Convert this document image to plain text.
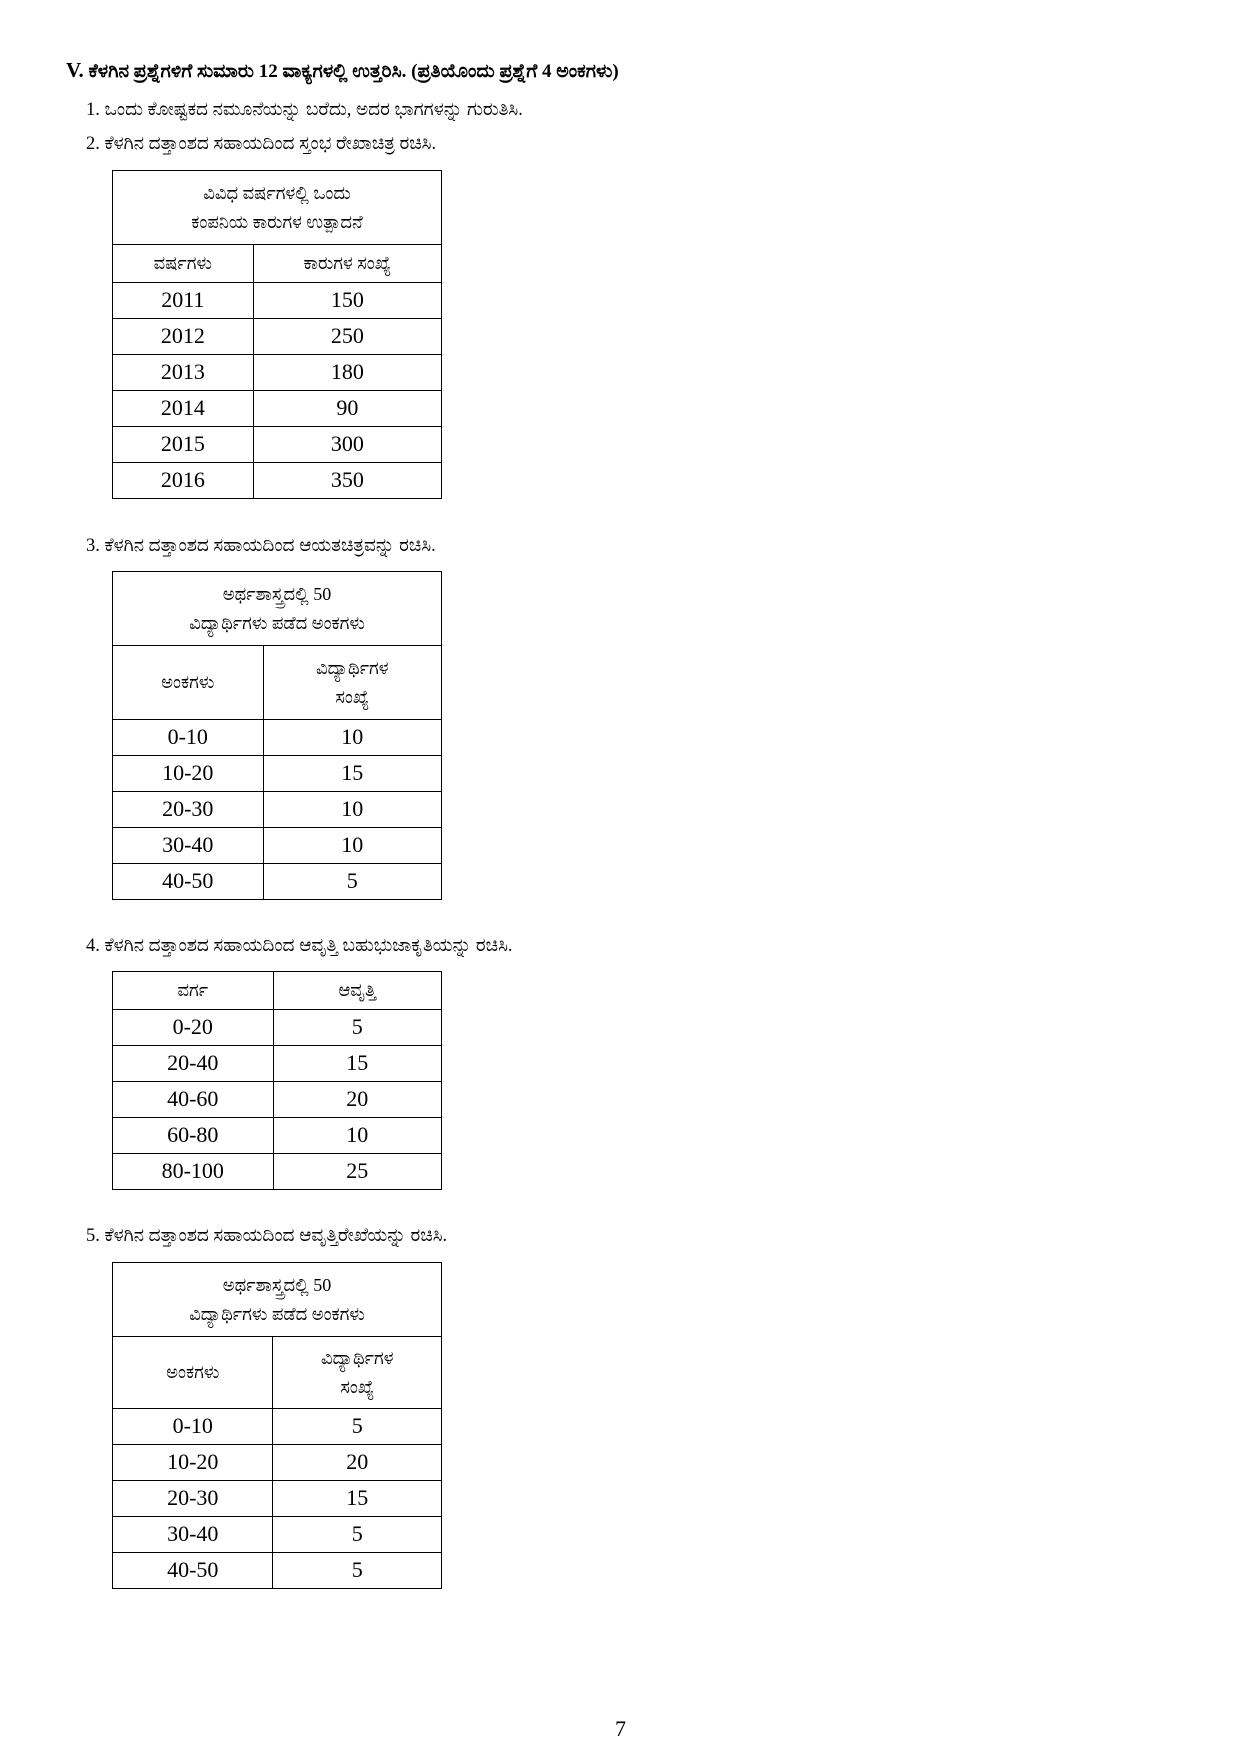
V. ಕೆಳಗಿನ ಪ್ರಶ್ನೆಗಳಿಗೆ ಸುಮಾರು 12 ವಾಕ್ಯಗಳಲ್ಲಿ ಉತ್ತರಿಸಿ. (ಪ್ರತಿಯೊಂದು ಪ್ರಶ್ನೆಗೆ 4 ಅಂಕಗಳು)
1. ಒಂದು ಕೋಷ್ಟಕದ ನಮೂನೆಯನ್ನು ಬರೆದು, ಅದರ ಭಾಗಗಳನ್ನು ಗುರುತಿಸಿ.
2. ಕೆಳಗಿನ ದತ್ತಾಂಶದ ಸಹಾಯದಿಂದ ಸ್ತಂಭ ರೇಖಾಚಿತ್ರ ರಚಿಸಿ.
ವಿವಿಧ ವರ್ಷಗಳಲ್ಲಿ ಒಂದು
ಕಂಪನಿಯ ಕಾರುಗಳ ಉತ್ಪಾದನೆ	

ವರ್ಷಗಳು	ಕಾರುಗಳ ಸಂಖ್ಯೆ
2011	150
2012	250
2013	180
2014	90
2015	300
2016	350
3. ಕೆಳಗಿನ ದತ್ತಾಂಶದ ಸಹಾಯದಿಂದ ಆಯತಚಿತ್ರವನ್ನು ರಚಿಸಿ.
ಅರ್ಥಶಾಸ್ತ್ರದಲ್ಲಿ 50
ವಿದ್ಯಾರ್ಥಿಗಳು ಪಡೆದ ಅಂಕಗಳು	

ಅಂಕಗಳು	ವಿದ್ಯಾರ್ಥಿಗಳ
ಸಂಖ್ಯೆ

0-10	10
10-20	15
20-30	10
30-40	10
40-50	5
4. ಕೆಳಗಿನ ದತ್ತಾಂಶದ ಸಹಾಯದಿಂದ ಆವೃತ್ತಿ ಬಹುಭುಜಾಕೃತಿಯನ್ನು ರಚಿಸಿ.
ವರ್ಗ	ಆವೃತ್ತಿ
0-20	5
20-40	15
40-60	20
60-80	10
80-100	25
5. ಕೆಳಗಿನ ದತ್ತಾಂಶದ ಸಹಾಯದಿಂದ ಆವೃತ್ತಿರೇಖೆಯನ್ನು ರಚಿಸಿ.
ಅರ್ಥಶಾಸ್ತ್ರದಲ್ಲಿ 50
ವಿದ್ಯಾರ್ಥಿಗಳು ಪಡೆದ ಅಂಕಗಳು	

ಅಂಕಗಳು	ವಿದ್ಯಾರ್ಥಿಗಳ
ಸಂಖ್ಯೆ

0-10	5
10-20	20
20-30	15
30-40	5
40-50	5
7
